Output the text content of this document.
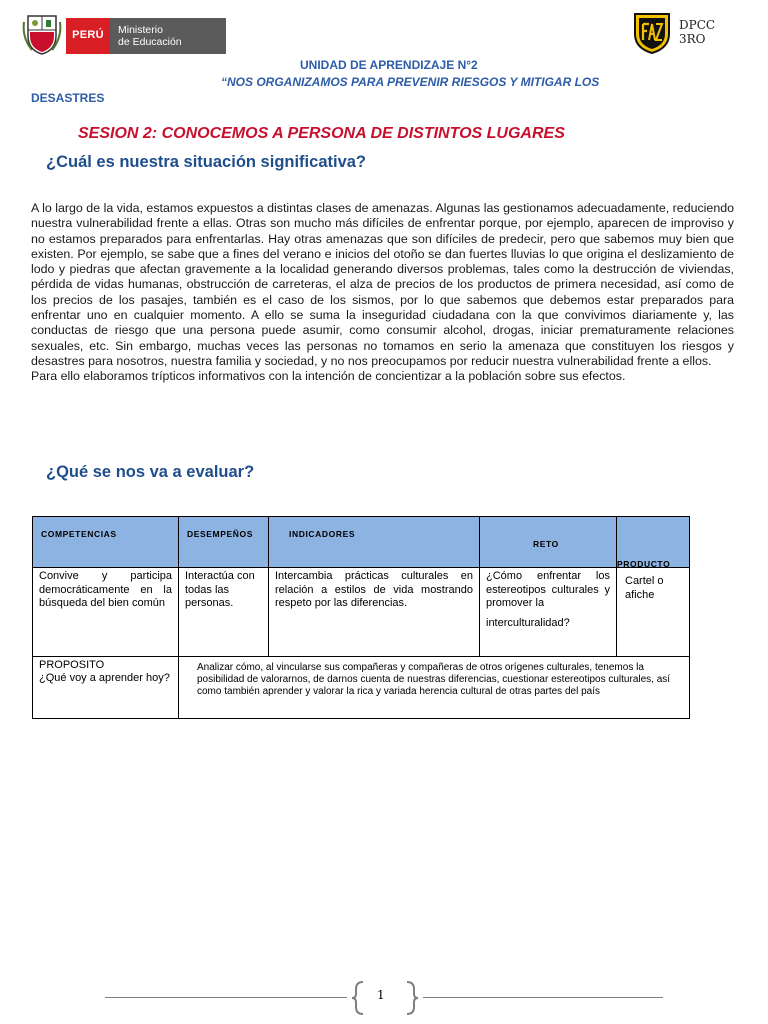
PERÚ	Ministerio
de Educación
DPCC
3RO
UNIDAD DE APRENDIZAJE N°2
“NOS ORGANIZAMOS PARA PREVENIR RIESGOS Y MITIGAR LOS
DESASTRES
SESION 2: CONOCEMOS A PERSONA DE DISTINTOS LUGARES
¿Cuál es nuestra situación significativa?

A lo largo de la vida, estamos expuestos a distintas clases de amenazas. Algunas las gestionamos adecuadamente, reduciendo nuestra vulnerabilidad frente a ellas. Otras son mucho más difíciles de enfrentar porque, por ejemplo, aparecen de improviso y no estamos preparados para enfrentarlas. Hay otras amenazas que son difíciles de predecir, pero que sabemos muy bien que existen. Por ejemplo, se sabe que a fines del verano e inicios del otoño se dan fuertes lluvias lo que origina el deslizamiento de lodo y piedras que afectan gravemente a la localidad generando diversos problemas, tales como la destrucción de viviendas, pérdida de vidas humanas, obstrucción de carreteras, el alza de precios de los productos de primera necesidad, así como de los precios de los pasajes, también es el caso de los sismos, por lo que sabemos que debemos estar preparados para enfrentar uno en cualquier momento. A ello se suma la inseguridad ciudadana con la que convivimos diariamente y, las conductas de riesgo que una persona puede asumir, como consumir alcohol, drogas, iniciar prematuramente relaciones sexuales, etc. Sin embargo, muchas veces las personas no tomamos en serio la amenaza que constituyen los riesgos y desastres para nosotros, nuestra familia y sociedad, y no nos preocupamos por reducir nuestra vulnerabilidad frente a ellos.

Para ello elaboramos trípticos informativos con la intención de concientizar a la población sobre sus efectos.

¿Qué se nos va a evaluar?
COMPETENCIAS	DESEMPEÑOS	INDICADORES	RETO	PRODUCTO

Convive y participa democráticamente en la búsqueda del bien común	Interactúa con todas las personas.	Intercambia prácticas culturales en relación a estilos de vida mostrando respeto por las diferencias.	¿Cómo enfrentar los estereotipos culturales y promover la
interculturalidad?	Cartel o afiche

PROPOSITO
¿Qué voy a aprender hoy?	Analizar cómo, al vincularse sus compañeras y compañeras de otros orígenes culturales, tenemos la posibilidad de valorarnos, de darnos cuenta de nuestras diferencias, cuestionar estereotipos culturales, así como también aprender y valorar la rica y variada herencia cultural de otras partes del país			
1
